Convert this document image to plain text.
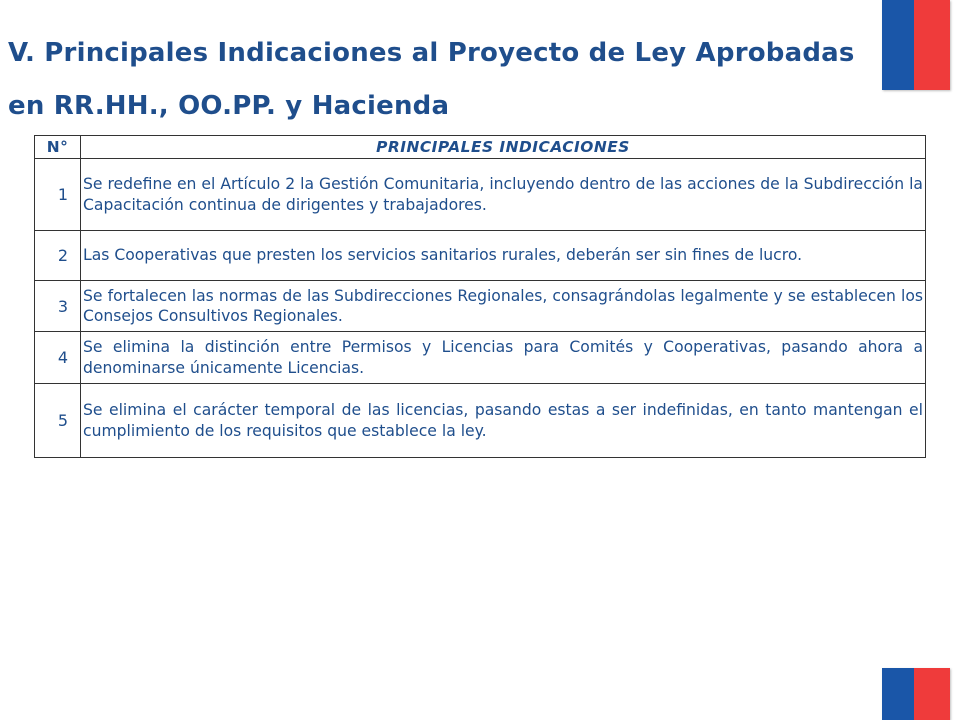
V. Principales Indicaciones al Proyecto de Ley Aprobadas en RR.HH., OO.PP. y Hacienda
N°	PRINCIPALES INDICACIONES
1	Se redefine en el Artículo 2 la Gestión Comunitaria, incluyendo dentro de las acciones de la Subdirección la Capacitación continua de dirigentes y trabajadores.
2	Las Cooperativas que presten los servicios sanitarios rurales, deberán ser sin fines de lucro.
3	Se fortalecen las normas de las Subdirecciones Regionales, consagrándolas legalmente y se establecen los Consejos Consultivos Regionales.
4	Se elimina la distinción entre Permisos y Licencias para Comités y Cooperativas, pasando ahora a denominarse únicamente Licencias.
5	Se elimina el carácter temporal de las licencias, pasando estas a ser indefinidas, en tanto mantengan el cumplimiento de los requisitos que establece la ley.
